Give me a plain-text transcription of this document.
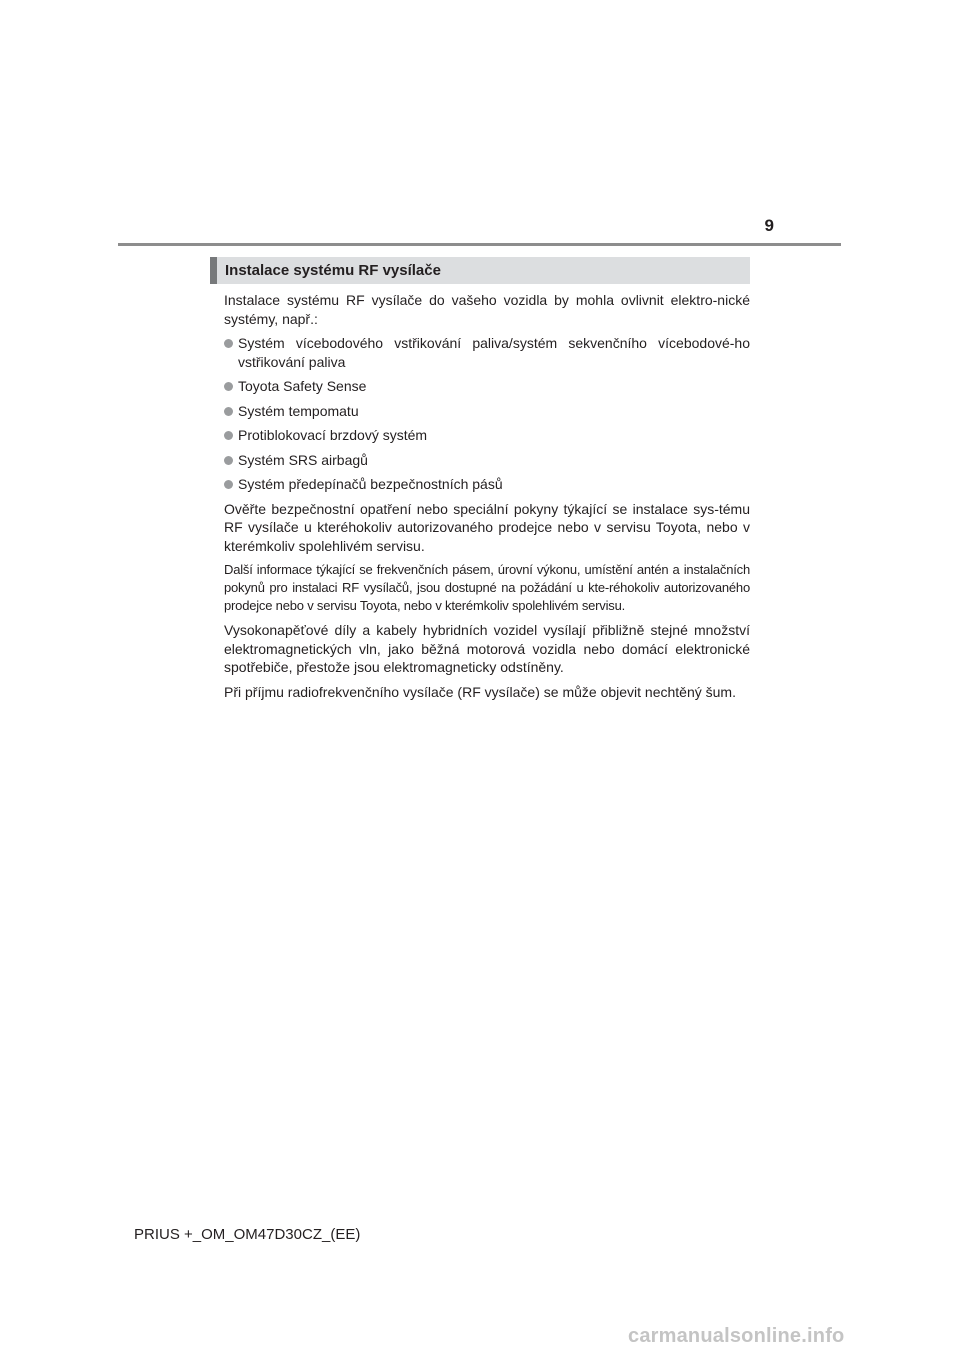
9
Instalace systému RF vysílače

Instalace systému RF vysílače do vašeho vozidla by mohla ovlivnit elektro-nické systémy, např.:

Systém vícebodového vstřikování paliva/systém sekvenčního vícebodové-ho vstřikování paliva
Toyota Safety Sense
Systém tempomatu
Protiblokovací brzdový systém
Systém SRS airbagů
Systém předepínačů bezpečnostních pásů

Ověřte bezpečnostní opatření nebo speciální pokyny týkající se instalace sys-tému RF vysílače u kteréhokoliv autorizovaného prodejce nebo v servisu Toyota, nebo v kterémkoliv spolehlivém servisu.

Další informace týkající se frekvenčních pásem, úrovní výkonu, umístění antén a instalačních pokynů pro instalaci RF vysílačů, jsou dostupné na požádání u kte-réhokoliv autorizovaného prodejce nebo v servisu Toyota, nebo v kterémkoliv spolehlivém servisu.

Vysokonapěťové díly a kabely hybridních vozidel vysílají přibližně stejné množství elektromagnetických vln, jako běžná motorová vozidla nebo domácí elektronické spotřebiče, přestože jsou elektromagneticky odstíněny.

Při příjmu radiofrekvenčního vysílače (RF vysílače) se může objevit nechtěný šum.

PRIUS +_OM_OM47D30CZ_(EE)
carmanualsonline.info
